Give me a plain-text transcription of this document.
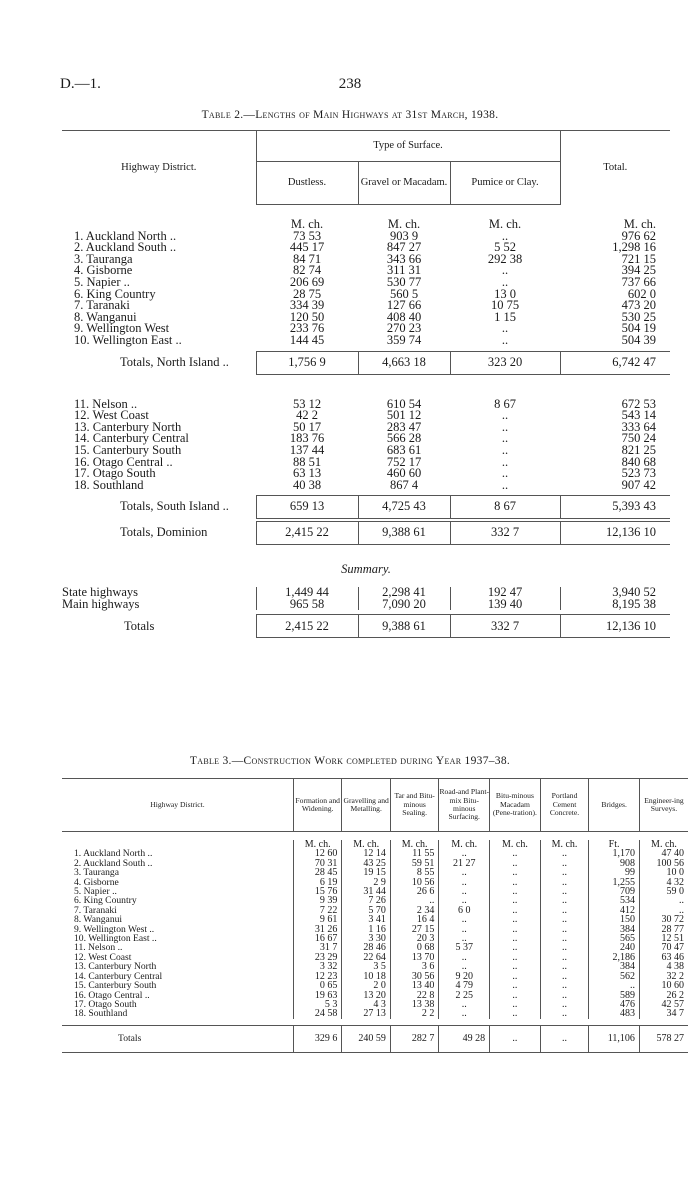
D.—1.	238
Table 2.—Lengths of Main Highways at 31st March, 1938.
Highway District.	Type of Surface.			Total.
	Dustless.	Gravel or Macadam.	Pumice or Clay.	

	M. ch.	M. ch.	M. ch.	M. ch.
1. Auckland North ..	73 53	903 9	..	976 62
2. Auckland South ..	445 17	847 27	5 52	1,298 16
3. Tauranga	84 71	343 66	292 38	721 15
4. Gisborne	82 74	311 31	..	394 25
5. Napier ..	206 69	530 77	..	737 66
6. King Country	28 75	560 5	13 0	602 0
7. Taranaki	334 39	127 66	10 75	473 20
8. Wanganui	120 50	408 40	1 15	530 25
9. Wellington West	233 76	270 23	..	504 19
10. Wellington East ..	144 45	359 74	..	504 39

Totals, North Island ..	1,756 9	4,663 18	323 20	6,742 47

11. Nelson ..	53 12	610 54	8 67	672 53
12. West Coast	42 2	501 12	..	543 14
13. Canterbury North	50 17	283 47	..	333 64
14. Canterbury Central	183 76	566 28	..	750 24
15. Canterbury South	137 44	683 61	..	821 25
16. Otago Central ..	88 51	752 17	..	840 68
17. Otago South	63 13	460 60	..	523 73
18. Southland	40 38	867 4	..	907 42

Totals, South Island ..	659 13	4,725 43	8 67	5,393 43

Totals, Dominion	2,415 22	9,388 61	332 7	12,136 10
Summary.				

State highways	1,449 44	2,298 41	192 47	3,940 52
Main highways	965 58	7,090 20	139 40	8,195 38

Totals	2,415 22	9,388 61	332 7	12,136 10
Table 3.—Construction Work completed during Year 1937–38.
Highway District.	Formation and Widening.	Gravelling and Metalling.	Tar and Bitu-minous Sealing.	Road-and Plant-mix Bitu-minous Surfacing.	Bitu-minous Macadam (Pene-tration).	Portland Cement Concrete.	Bridges.	Engineer-ing Surveys.

	M. ch.	M. ch.	M. ch.	M. ch.	M. ch.	M. ch.	Ft.	M. ch.
1. Auckland North ..	12 60	12 14	11 55	..	..	..	1,170	47 40
2. Auckland South ..	70 31	43 25	59 51	21 27	..	..	908	100 56
3. Tauranga	28 45	19 15	8 55	..	..	..	99	10 0
4. Gisborne	6 19	2 9	10 56	..	..	..	1,255	4 32
5. Napier ..	15 76	31 44	26 6	..	..	..	709	59 0
6. King Country	9 39	7 26	..	..	..	..	534	..
7. Taranaki	7 22	5 70	2 34	6 0	..	..	412	..
8. Wanganui	9 61	3 41	16 4	..	..	..	150	30 72
9. Wellington West ..	31 26	1 16	27 15	..	..	..	384	28 77
10. Wellington East ..	16 67	3 30	20 3	..	..	..	565	12 51
11. Nelson ..	31 7	28 46	0 68	5 37	..	..	240	70 47
12. West Coast	23 29	22 64	13 70	..	..	..	2,186	63 46
13. Canterbury North	3 32	3 5	3 6	..	..	..	384	4 38
14. Canterbury Central	12 23	10 18	30 56	9 20	..	..	562	32 2
15. Canterbury South	0 65	2 0	13 40	4 79	..	..	..	10 60
16. Otago Central ..	19 63	13 20	22 8	2 25	..	..	589	26 2
17. Otago South	5 3	4 3	13 38	..	..	..	476	42 57
18. Southland	24 58	27 13	2 2	..	..	..	483	34 7

Totals	329 6	240 59	282 7	49 28	..	..	11,106	578 27
